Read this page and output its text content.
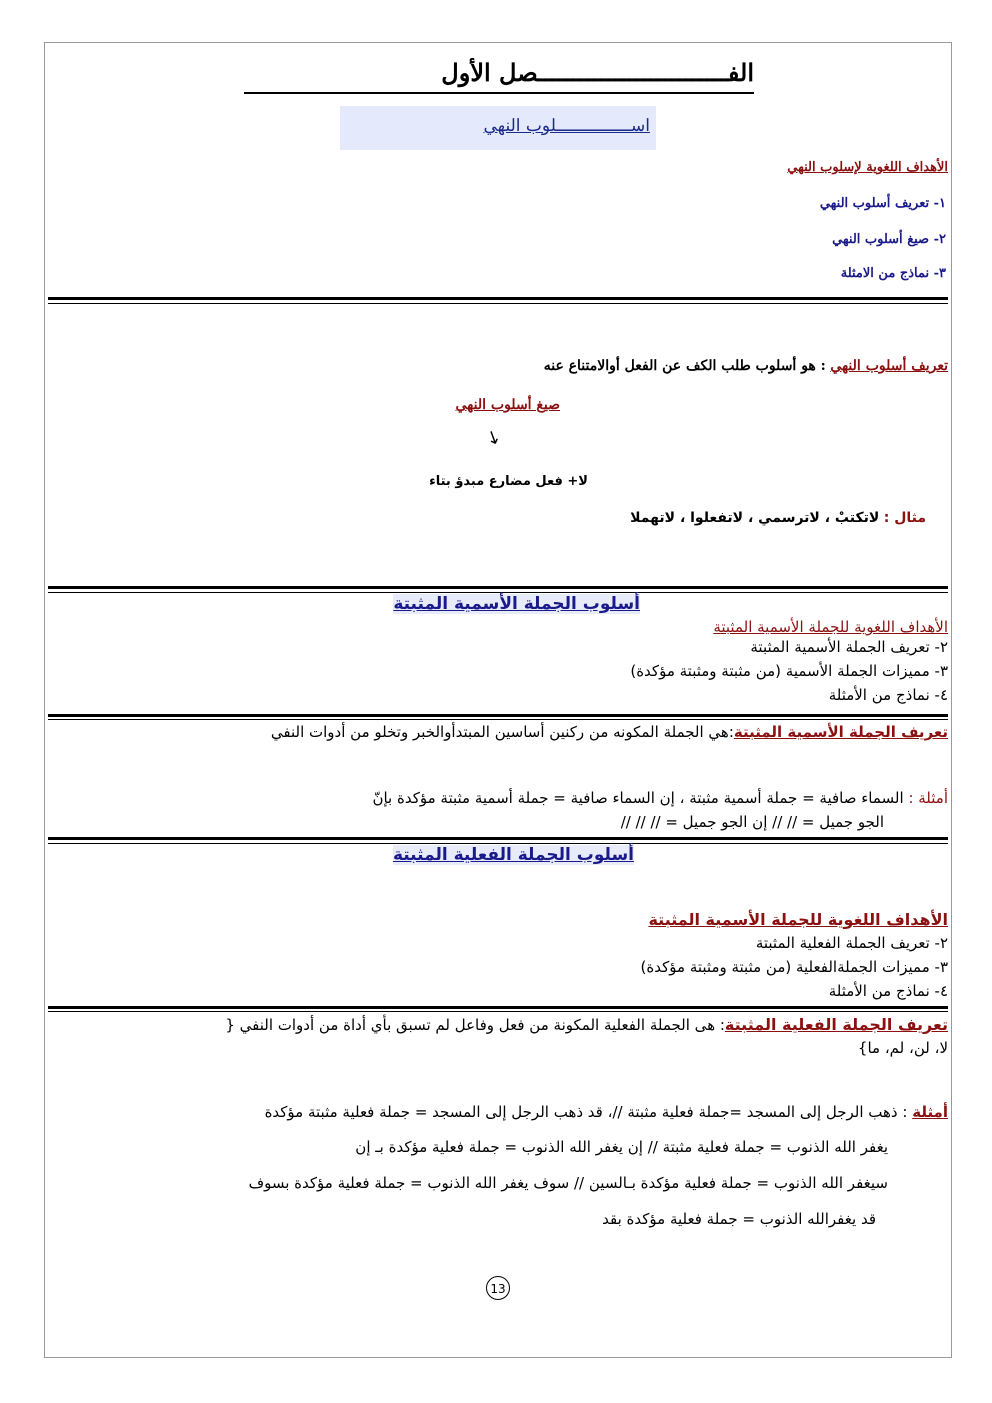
الفـــــــــــــــــــــــــــصل الأول
اســـــــــــــــلوب النهي
الأهداف اللغوية لإسلوب النهي
١- تعريف أسلوب النهي
٢- صيغ أسلوب النهي
٣- نماذج من الامثلة
تعريف أسلوب النهي : هو أسلوب طلب الكف عن الفعل أوالامتناع عنه
صيغ أسلوب النهي
↓
لا+ فعل مضارع مبدؤ بتاء
مثال : لاتكتبْ ، لاترسمي ، لاتفعلوا ، لاتهملا
أسلوب الجملة الأسمية المثبتة
الأهداف اللغوية للجملة الأسمية المثبتة
٢- تعريف الجملة الأسمية المثبتة
٣- مميزات الجملة الأسمية (من مثبتة ومثبتة مؤكدة)
٤- نماذج من الأمثلة
تعريف الجملة الأسمية المثبتة:هي الجملة المكونه من ركنين أساسين المبتدأوالخبر وتخلو من أدوات النفي
أمثلة : السماء صافية = جملة أسمية مثبتة ، إن السماء صافية = جملة أسمية مثبتة مؤكدة بإنّ
الجو جميل = // // إن الجو جميل = // // //
أسلوب الجملة الفعلية المثبتة
الأهداف اللغوية للجملة الأسمية المثبتة
٢- تعريف الجملة الفعلية المثبتة
٣- مميزات الجملةالفعلية (من مثبتة ومثبتة مؤكدة)
٤- نماذج من الأمثلة
تعريف الجملة الفعلية المثبتة: هى الجملة الفعلية المكونة من فعل وفاعل لم تسبق بأي أداة من أدوات النفي {
لا، لن، لم، ما}
أمثلة : ذهب الرجل إلى المسجد =جملة فعلية مثبتة //، قد ذهب الرجل إلى المسجد = جملة فعلية مثبتة مؤكدة
يغفر الله الذنوب = جملة فعلية مثبتة // إن يغفر الله الذنوب = جملة فعلية مؤكدة بـ إن
سيغفر الله الذنوب = جملة فعلية مؤكدة بـالسين // سوف يغفر الله الذنوب = جملة فعلية مؤكدة بسوف
قد يغفرالله الذنوب = جملة فعلية مؤكدة بقد
13
